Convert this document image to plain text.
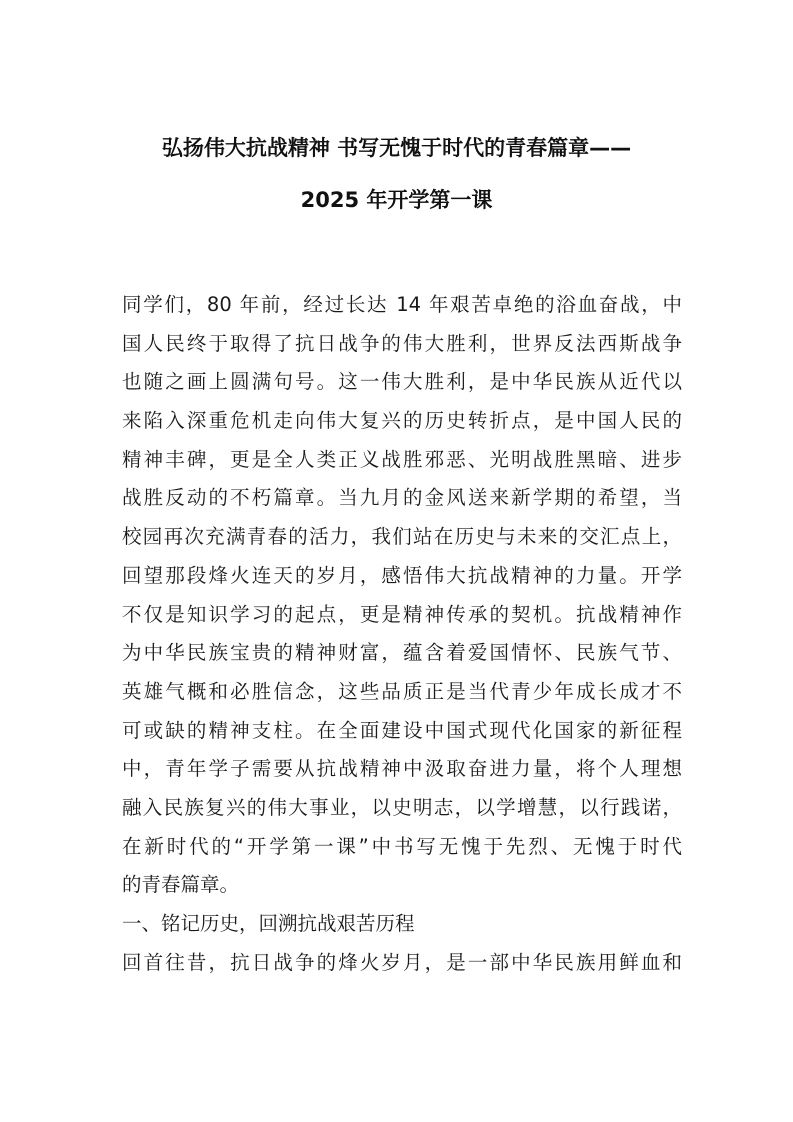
弘扬伟大抗战精神 书写无愧于时代的青春篇章——
2025 年开学第一课
同学们，80 年前，经过长达 14 年艰苦卓绝的浴血奋战，中
国人民终于取得了抗日战争的伟大胜利，世界反法西斯战争
也随之画上圆满句号。这一伟大胜利，是中华民族从近代以
来陷入深重危机走向伟大复兴的历史转折点，是中国人民的
精神丰碑，更是全人类正义战胜邪恶、光明战胜黑暗、进步
战胜反动的不朽篇章。当九月的金风送来新学期的希望，当
校园再次充满青春的活力，我们站在历史与未来的交汇点上，
回望那段烽火连天的岁月，感悟伟大抗战精神的力量。开学
不仅是知识学习的起点，更是精神传承的契机。抗战精神作
为中华民族宝贵的精神财富，蕴含着爱国情怀、民族气节、
英雄气概和必胜信念，这些品质正是当代青少年成长成才不
可或缺的精神支柱。在全面建设中国式现代化国家的新征程
中，青年学子需要从抗战精神中汲取奋进力量，将个人理想
融入民族复兴的伟大事业，以史明志，以学增慧，以行践诺，
在新时代的“开学第一课”中书写无愧于先烈、无愧于时代
的青春篇章。
一、铭记历史，回溯抗战艰苦历程
回首往昔，抗日战争的烽火岁月，是一部中华民族用鲜血和
